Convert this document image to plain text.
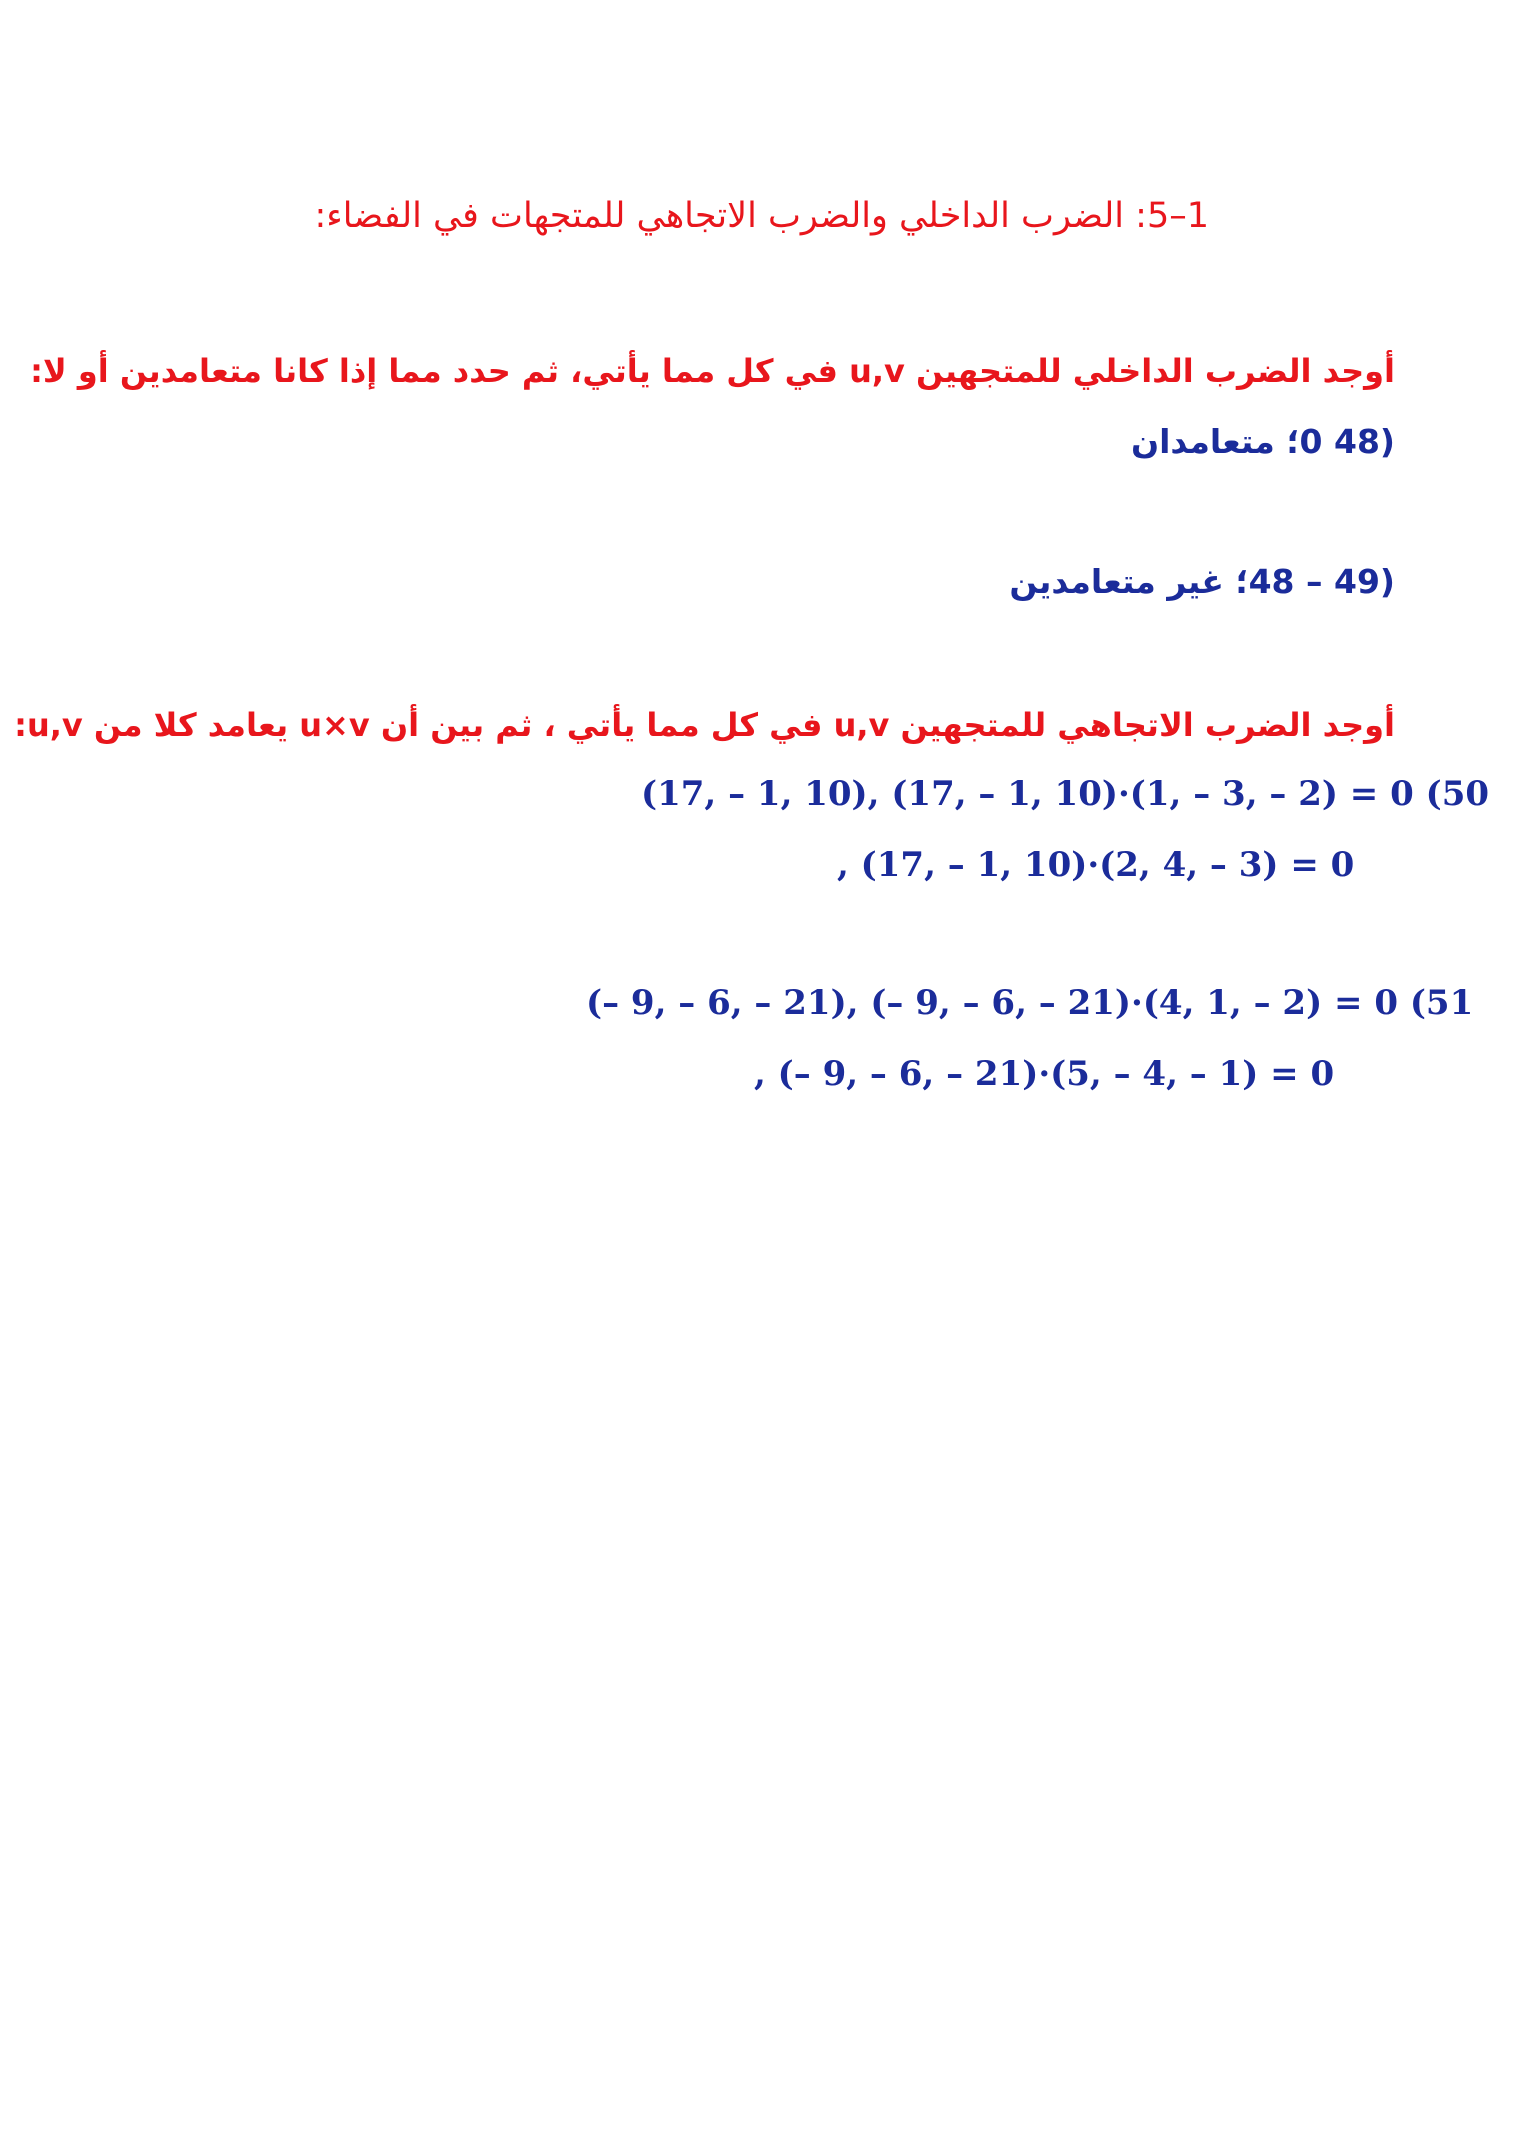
1–5: الضرب الداخلي والضرب الاتجاهي للمتجهات في الفضاء:
أوجد الضرب الداخلي للمتجهين u,v في كل مما يأتي، ثم حدد مما إذا كانا متعامدين أو لا:
48) 0؛ متعامدان
49) 48 –؛ غير متعامدين
أوجد الضرب الاتجاهي للمتجهين u,v في كل مما يأتي ، ثم بين أن u×v يعامد كلا من u,v:
(17, – 1, 10), (17, – 1, 10)·(1, – 3, – 2) = 0 (50
, (17, – 1, 10)·(2, 4, – 3) = 0
(– 9, – 6, – 21), (– 9, – 6, – 21)·(4, 1, – 2) = 0 (51
, (– 9, – 6, – 21)·(5, – 4, – 1) = 0
